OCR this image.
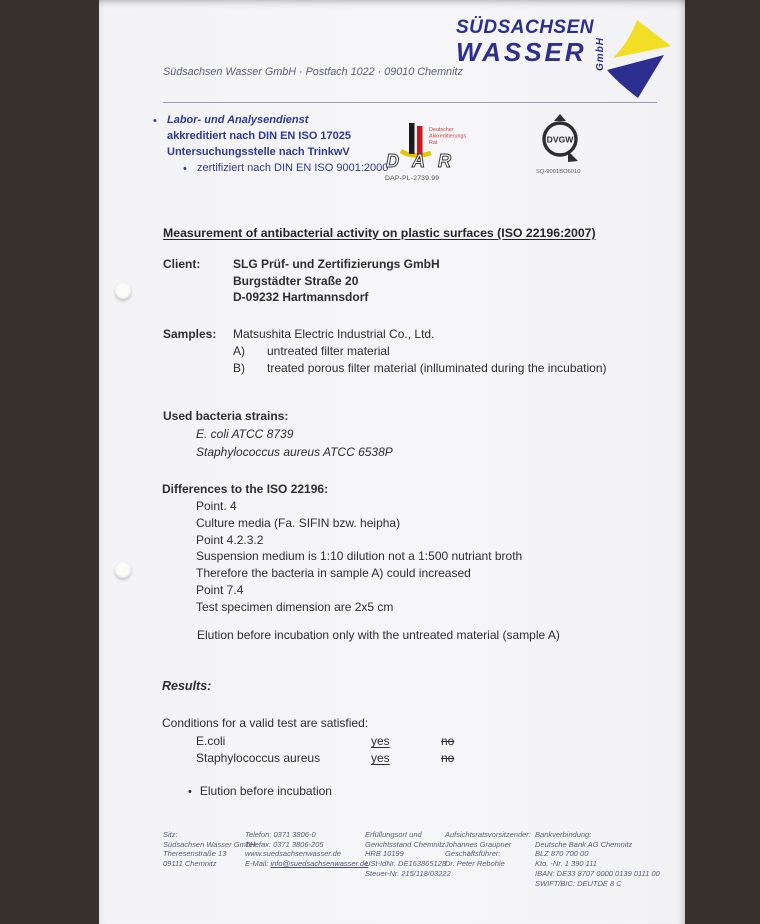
Südsachsen Wasser GmbH · Postfach 1022 · 09010 Chemnitz
SÜDSACHSEN
WASSER GmbH
• Labor- und Analysendienst
akkreditiert nach DIN EN ISO 17025
Untersuchungsstelle nach TrinkwV
• zertifiziert nach DIN EN ISO 9001:2000
Deutscher
Akkreditierungs
Rat
DAR
DAP-PL-2739.99
DVGW
SQ-9001BO6010
Measurement of antibacterial activity on plastic surfaces (ISO 22196:2007)
Client:	SLG Prüf- und Zertifizierungs GmbH
Burgstädter Straße 20
D-09232 Hartmannsdorf
Samples: Matsushita Electric Industrial Co., Ltd.
A) untreated filter material
B) treated porous filter material (inlluminated during the incubation)
Used bacteria strains:
E. coli ATCC 8739
Staphylococcus aureus ATCC 6538P
Differences to the ISO 22196:
Point. 4
Culture media (Fa. SIFIN bzw. heipha)
Point 4.2.3.2
Suspension medium is 1:10 dilution not a 1:500 nutriant broth
Therefore the bacteria in sample A) could increased
Point 7.4
Test specimen dimension are 2x5 cm
Elution before incubation only with the untreated material (sample A)
Results:
Conditions for a valid test are satisfied:
E.coli	yes	no
Staphylococcus aureus	yes	no
• Elution before incubation
Sitz:
Südsachsen Wasser GmbH
Theresenstraße 13
09111 Chemnitz
Telefon: 0371 3806-0
Telefax: 0371 3806-205
www.suedsachsenwasser.de
E-Mail: info@suedsachsenwasser.de
Erfüllungsort und
Gerichtsstand Chemnitz
HRB 10199
USt-IdNr. DE163865128
Steuer-Nr. 215/118/03222
Aufsichtsratsvorsitzender:
Johannes Graupner
Geschäftsführer:
Dr. Peter Rebohle
Bankverbindung:
Deutsche Bank AG Chemnitz
BLZ 870 700 00
Kto. -Nr. 1 390 111
IBAN: DE33 8707 0000 0139 0111 00
SWIFT/BIC: DEUTDE 8 C
